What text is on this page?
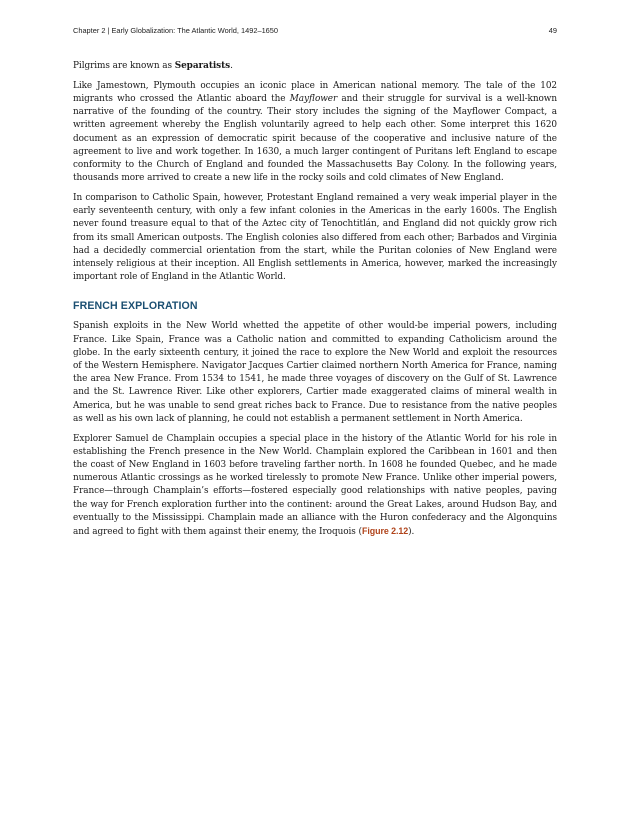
Chapter 2 | Early Globalization: The Atlantic World, 1492–1650	49

Pilgrims are known as Separatists.

Like Jamestown, Plymouth occupies an iconic place in American national memory. The tale of the 102 migrants who crossed the Atlantic aboard the Mayflower and their struggle for survival is a well-known narrative of the founding of the country. Their story includes the signing of the Mayflower Compact, a written agreement whereby the English voluntarily agreed to help each other. Some interpret this 1620 document as an expression of democratic spirit because of the cooperative and inclusive nature of the agreement to live and work together. In 1630, a much larger contingent of Puritans left England to escape conformity to the Church of England and founded the Massachusetts Bay Colony. In the following years, thousands more arrived to create a new life in the rocky soils and cold climates of New England.

In comparison to Catholic Spain, however, Protestant England remained a very weak imperial player in the early seventeenth century, with only a few infant colonies in the Americas in the early 1600s. The English never found treasure equal to that of the Aztec city of Tenochtitlán, and England did not quickly grow rich from its small American outposts. The English colonies also differed from each other; Barbados and Virginia had a decidedly commercial orientation from the start, while the Puritan colonies of New England were intensely religious at their inception. All English settlements in America, however, marked the increasingly important role of England in the Atlantic World.

FRENCH EXPLORATION

Spanish exploits in the New World whetted the appetite of other would-be imperial powers, including France. Like Spain, France was a Catholic nation and committed to expanding Catholicism around the globe. In the early sixteenth century, it joined the race to explore the New World and exploit the resources of the Western Hemisphere. Navigator Jacques Cartier claimed northern North America for France, naming the area New France. From 1534 to 1541, he made three voyages of discovery on the Gulf of St. Lawrence and the St. Lawrence River. Like other explorers, Cartier made exaggerated claims of mineral wealth in America, but he was unable to send great riches back to France. Due to resistance from the native peoples as well as his own lack of planning, he could not establish a permanent settlement in North America.

Explorer Samuel de Champlain occupies a special place in the history of the Atlantic World for his role in establishing the French presence in the New World. Champlain explored the Caribbean in 1601 and then the coast of New England in 1603 before traveling farther north. In 1608 he founded Quebec, and he made numerous Atlantic crossings as he worked tirelessly to promote New France. Unlike other imperial powers, France—through Champlain’s efforts—fostered especially good relationships with native peoples, paving the way for French exploration further into the continent: around the Great Lakes, around Hudson Bay, and eventually to the Mississippi. Champlain made an alliance with the Huron confederacy and the Algonquins and agreed to fight with them against their enemy, the Iroquois (Figure 2.12).
